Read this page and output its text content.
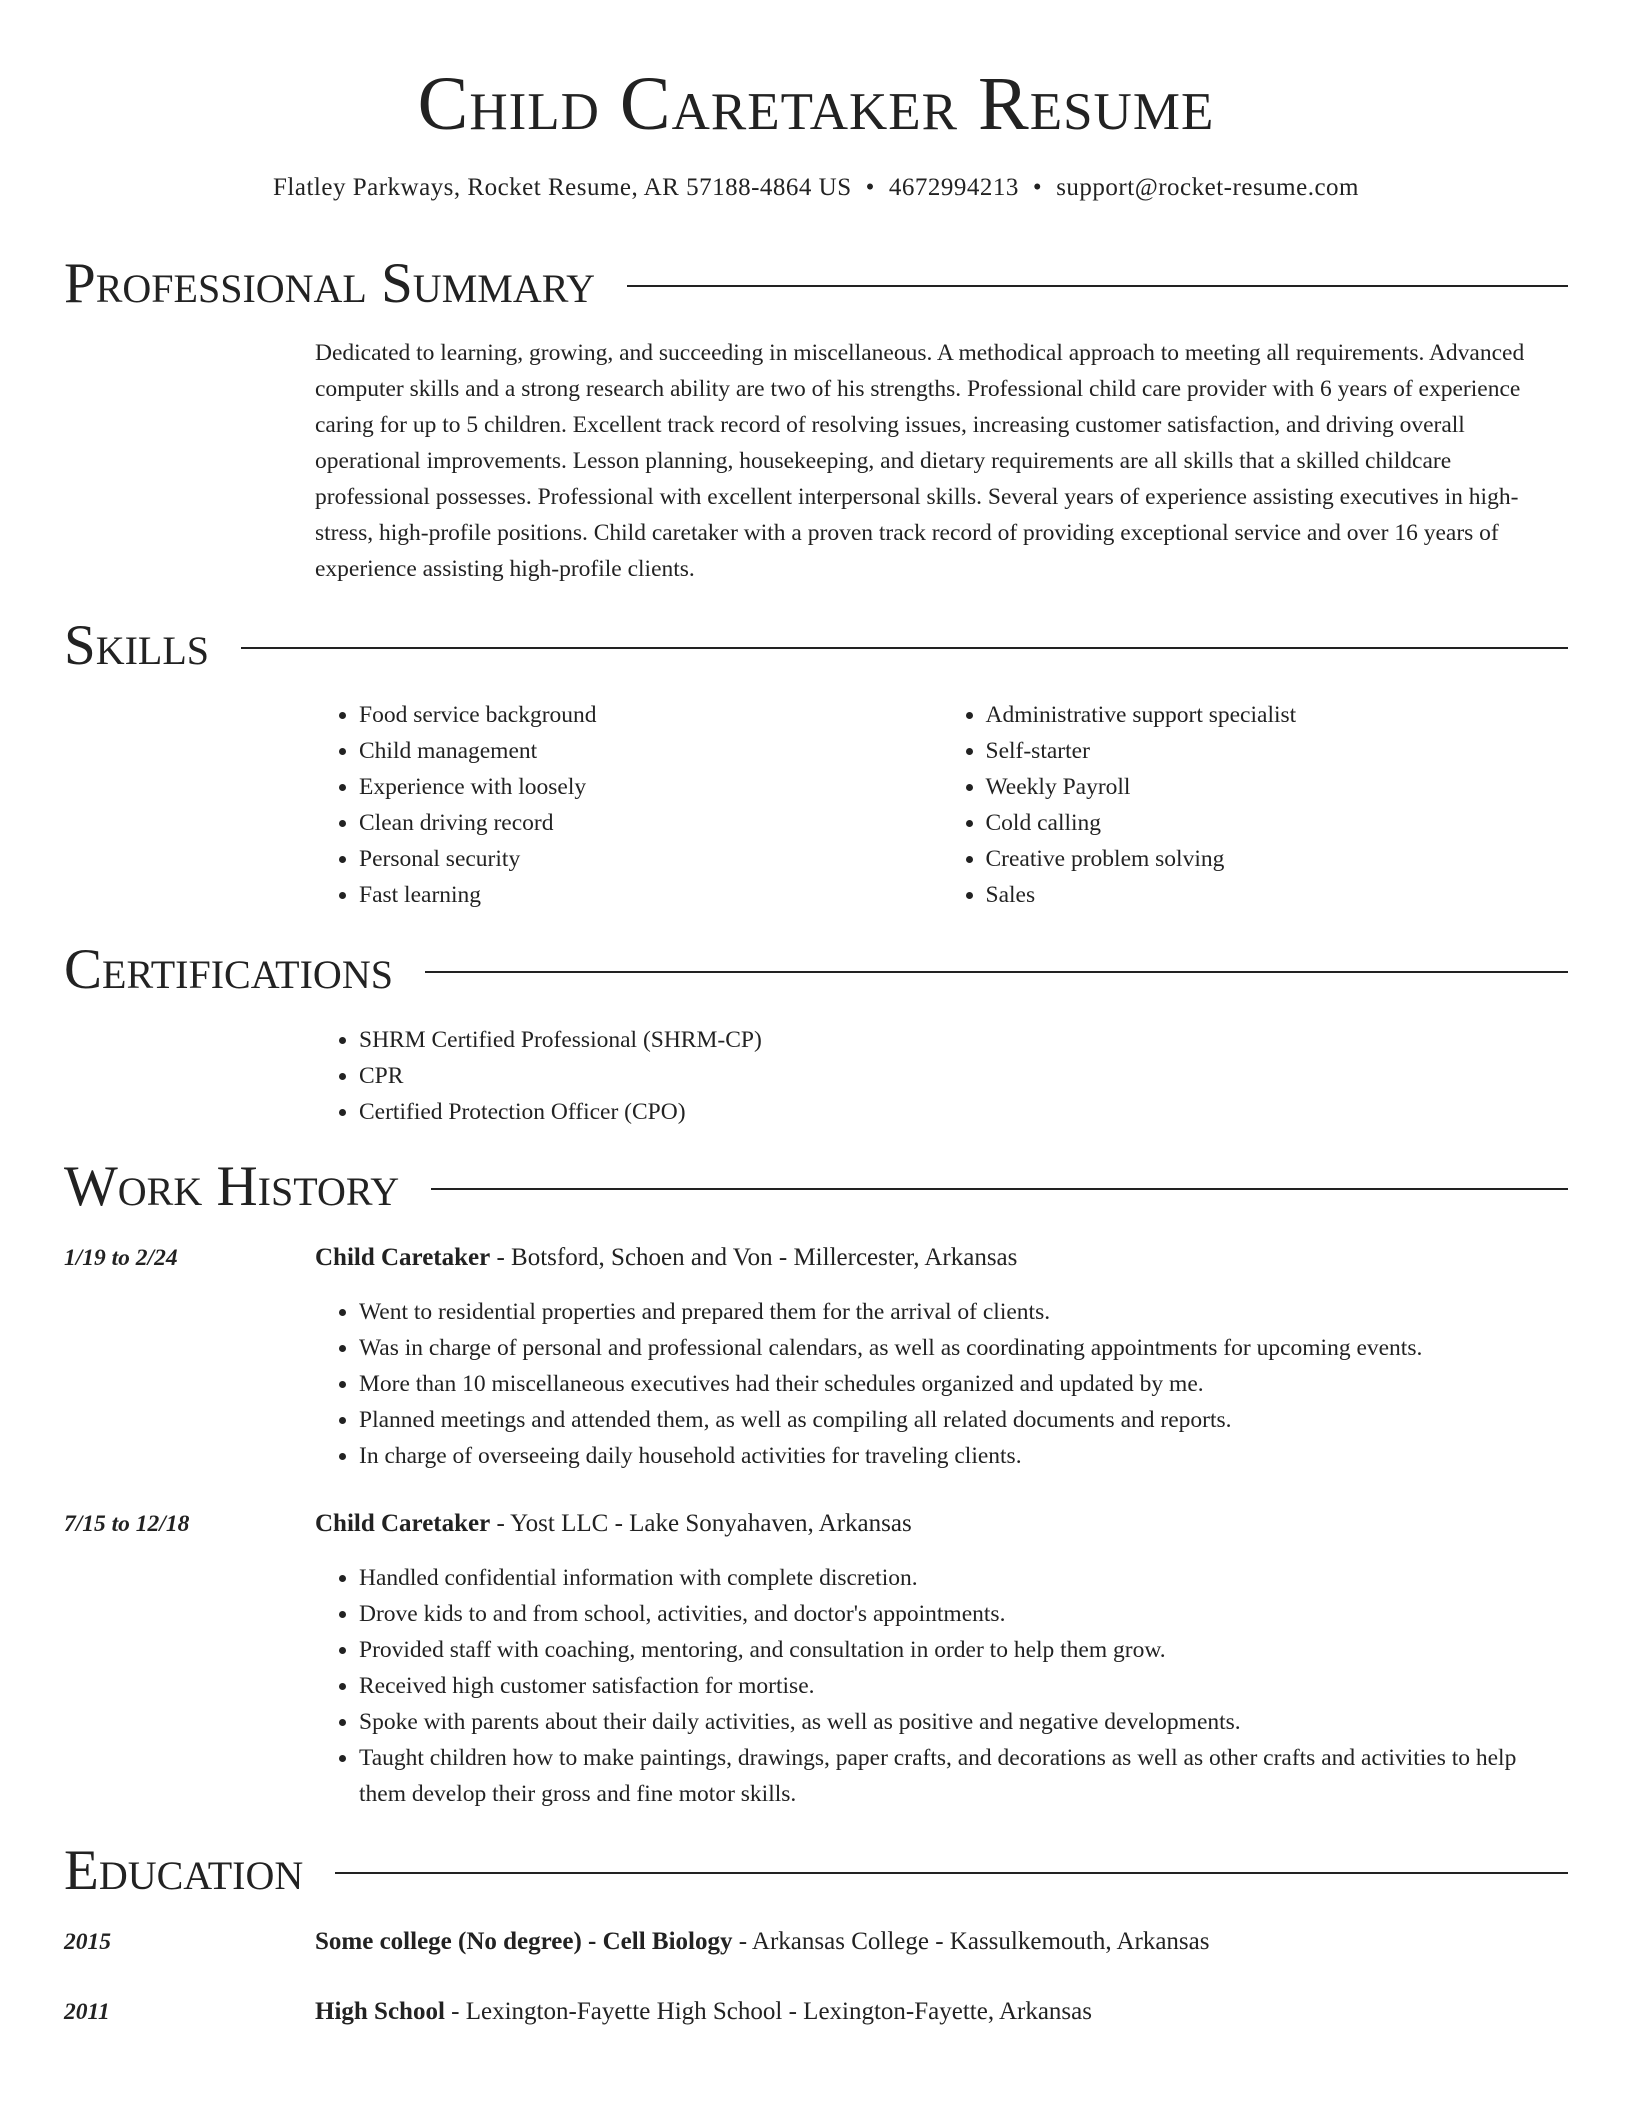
Child Caretaker Resume
Flatley Parkways, Rocket Resume, AR 57188-4864 US • 4672994213 • support@rocket-resume.com
Professional Summary

Dedicated to learning, growing, and succeeding in miscellaneous. A methodical approach to meeting all requirements. Advanced computer skills and a strong research ability are two of his strengths. Professional child care provider with 6 years of experience caring for up to 5 children. Excellent track record of resolving issues, increasing customer satisfaction, and driving overall operational improvements. Lesson planning, housekeeping, and dietary requirements are all skills that a skilled childcare professional possesses. Professional with excellent interpersonal skills. Several years of experience assisting executives in high-stress, high-profile positions. Child caretaker with a proven track record of providing exceptional service and over 16 years of experience assisting high-profile clients.

Skills
• Food service background
• Child management
• Experience with loosely
• Clean driving record
• Personal security
• Fast learning
• Administrative support specialist
• Self-starter
• Weekly Payroll
• Cold calling
• Creative problem solving
• Sales
Certifications
• SHRM Certified Professional (SHRM-CP)
• CPR
• Certified Protection Officer (CPO)
Work History
1/19 to 2/24	Child Caretaker - Botsford, Schoen and Von - Millercester, Arkansas
• Went to residential properties and prepared them for the arrival of clients.
• Was in charge of personal and professional calendars, as well as coordinating appointments for upcoming events.
• More than 10 miscellaneous executives had their schedules organized and updated by me.
• Planned meetings and attended them, as well as compiling all related documents and reports.
• In charge of overseeing daily household activities for traveling clients.
7/15 to 12/18	Child Caretaker - Yost LLC - Lake Sonyahaven, Arkansas
• Handled confidential information with complete discretion.
• Drove kids to and from school, activities, and doctor's appointments.
• Provided staff with coaching, mentoring, and consultation in order to help them grow.
• Received high customer satisfaction for mortise.
• Spoke with parents about their daily activities, as well as positive and negative developments.
• Taught children how to make paintings, drawings, paper crafts, and decorations as well as other crafts and activities to help them develop their gross and fine motor skills.
Education
2015	Some college (No degree) - Cell Biology - Arkansas College - Kassulkemouth, Arkansas
2011	High School - Lexington-Fayette High School - Lexington-Fayette, Arkansas
